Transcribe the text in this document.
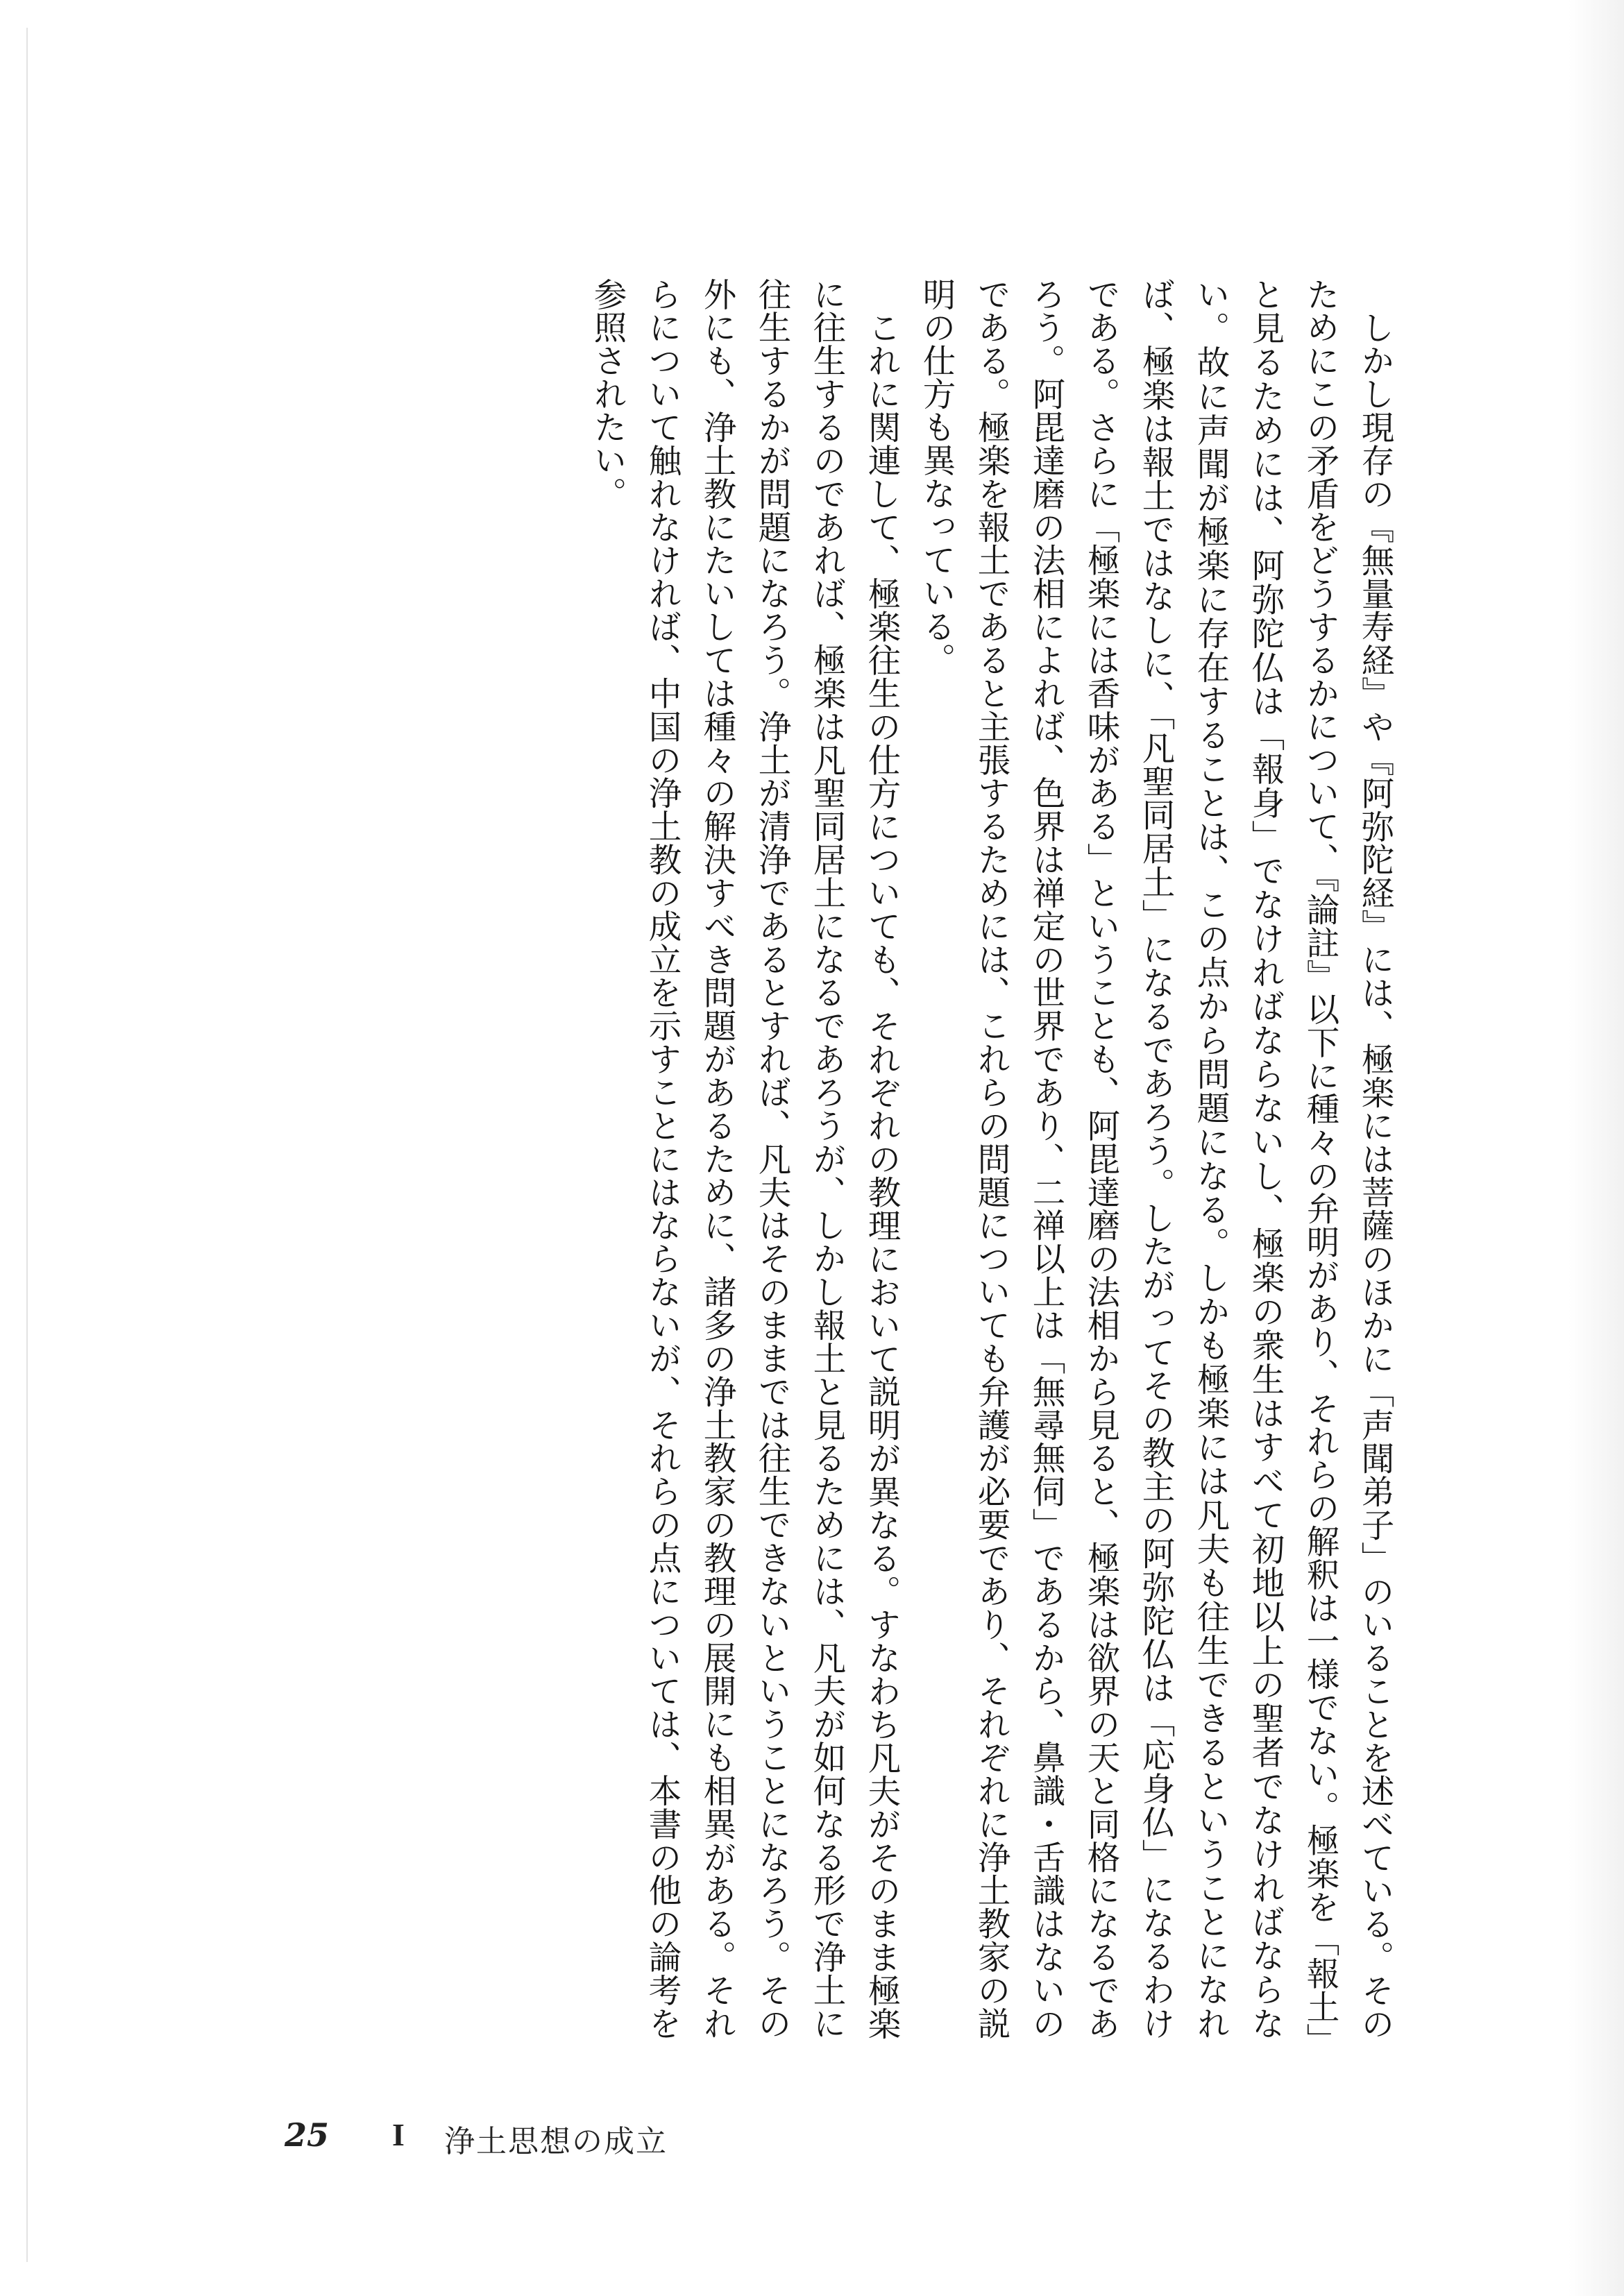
しかし現存の『無量寿経』や『阿弥陀経』には、極楽には菩薩のほかに「声聞弟子」のいることを述べている。そのためにこの矛盾をどうするかについて、『論註』以下に種々の弁明があり、それらの解釈は一様でない。極楽を「報土」と見るためには、阿弥陀仏は「報身」でなければならないし、極楽の衆生はすべて初地以上の聖者でなければならない。故に声聞が極楽に存在することは、この点から問題になる。しかも極楽には凡夫も往生できるということになれば、極楽は報土ではなしに、「凡聖同居土」になるであろう。したがってその教主の阿弥陀仏は「応身仏」になるわけである。さらに「極楽には香味がある」ということも、阿毘達磨の法相から見ると、極楽は欲界の天と同格になるであろう。阿毘達磨の法相によれば、色界は禅定の世界であり、二禅以上は「無尋無伺」であるから、鼻識・舌識はないのである。極楽を報土であると主張するためには、これらの問題についても弁護が必要であり、それぞれに浄土教家の説明の仕方も異なっている。

これに関連して、極楽往生の仕方についても、それぞれの教理において説明が異なる。すなわち凡夫がそのまま極楽に往生するのであれば、極楽は凡聖同居土になるであろうが、しかし報土と見るためには、凡夫が如何なる形で浄土に往生するかが問題になろう。浄土が清浄であるとすれば、凡夫はそのままでは往生できないということになろう。その外にも、浄土教にたいしては種々の解決すべき問題があるために、諸多の浄土教家の教理の展開にも相異がある。それらについて触れなければ、中国の浄土教の成立を示すことにはならないが、それらの点については、本書の他の論考を参照されたい。

25 I 浄土思想の成立
